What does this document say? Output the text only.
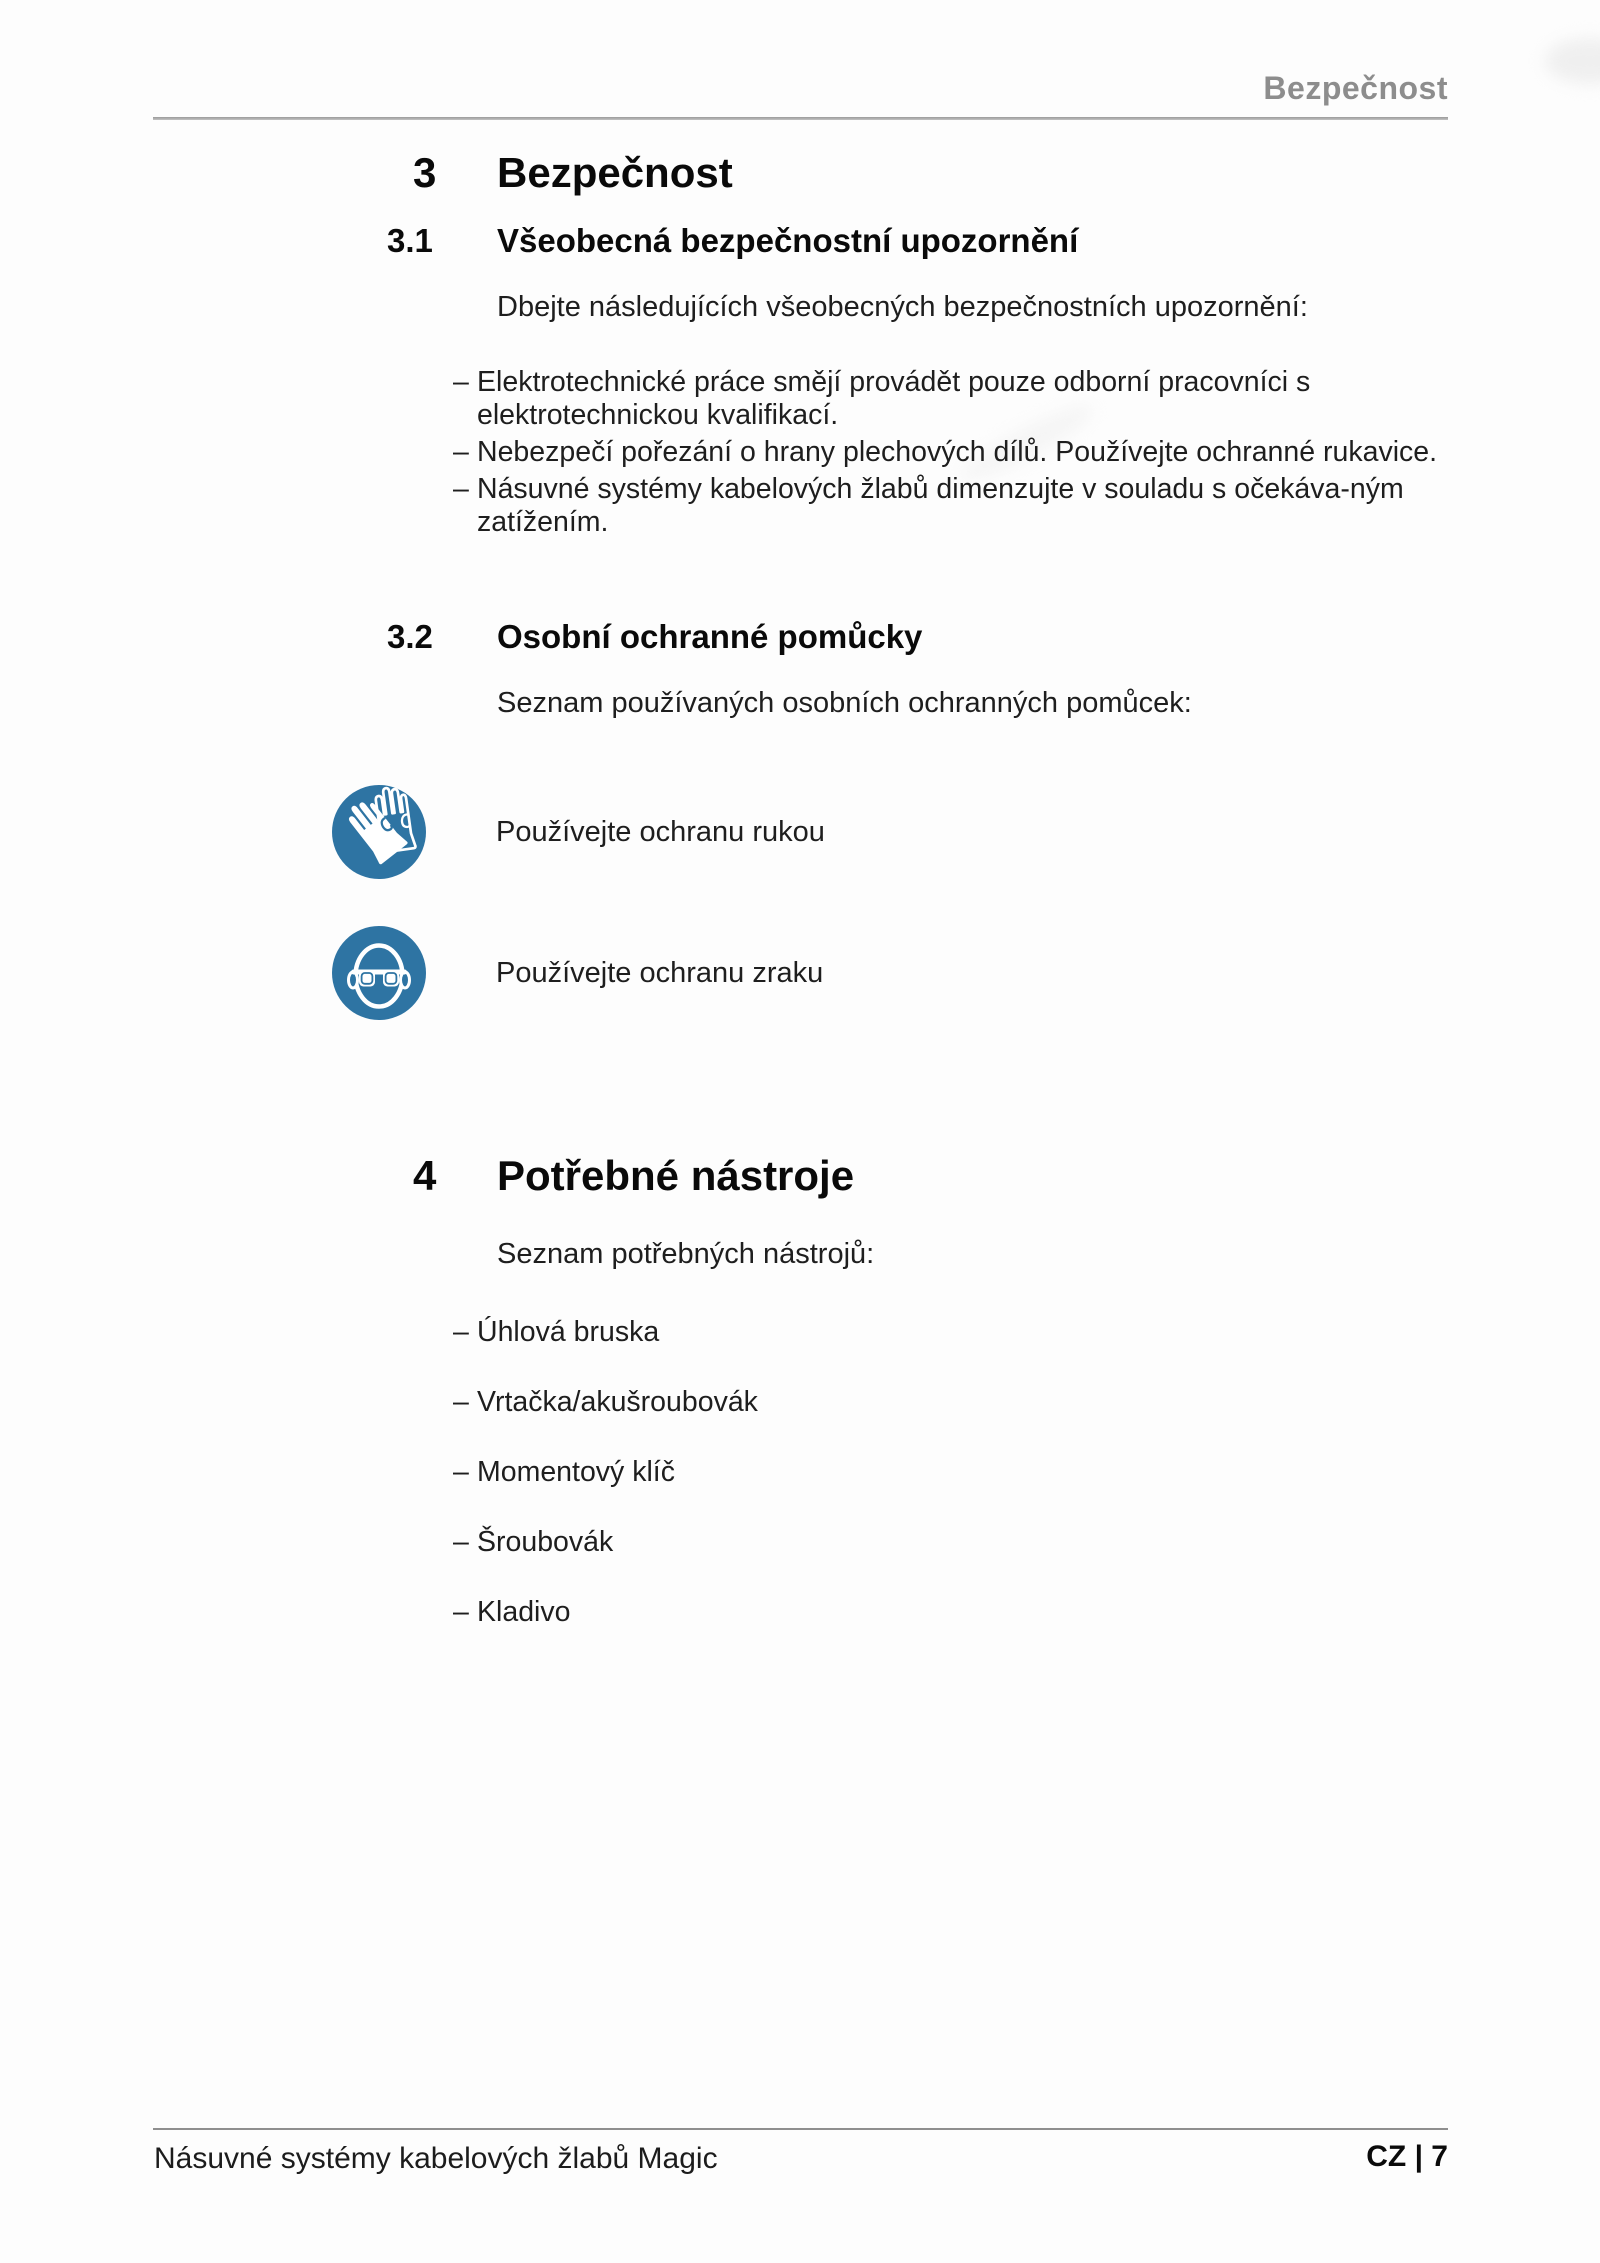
Bezpečnost
3	Bezpečnost
3.1	Všeobecná bezpečnostní upozornění
Dbejte následujících všeobecných bezpečnostních upozornění:
– Elektrotechnické práce smějí provádět pouze odborní pracovníci s elektrotechnickou kvalifikací.
– Nebezpečí pořezání o hrany plechových dílů. Používejte ochranné rukavice.
– Násuvné systémy kabelových žlabů dimenzujte v souladu s očekáva-ným zatížením.
3.2	Osobní ochranné pomůcky
Seznam používaných osobních ochranných pomůcek:
Používejte ochranu rukou
Používejte ochranu zraku
4	Potřebné nástroje
Seznam potřebných nástrojů:
– Úhlová bruska
– Vrtačka/akušroubovák
– Momentový klíč
– Šroubovák
– Kladivo
Násuvné systémy kabelových žlabů Magic	CZ | 7
